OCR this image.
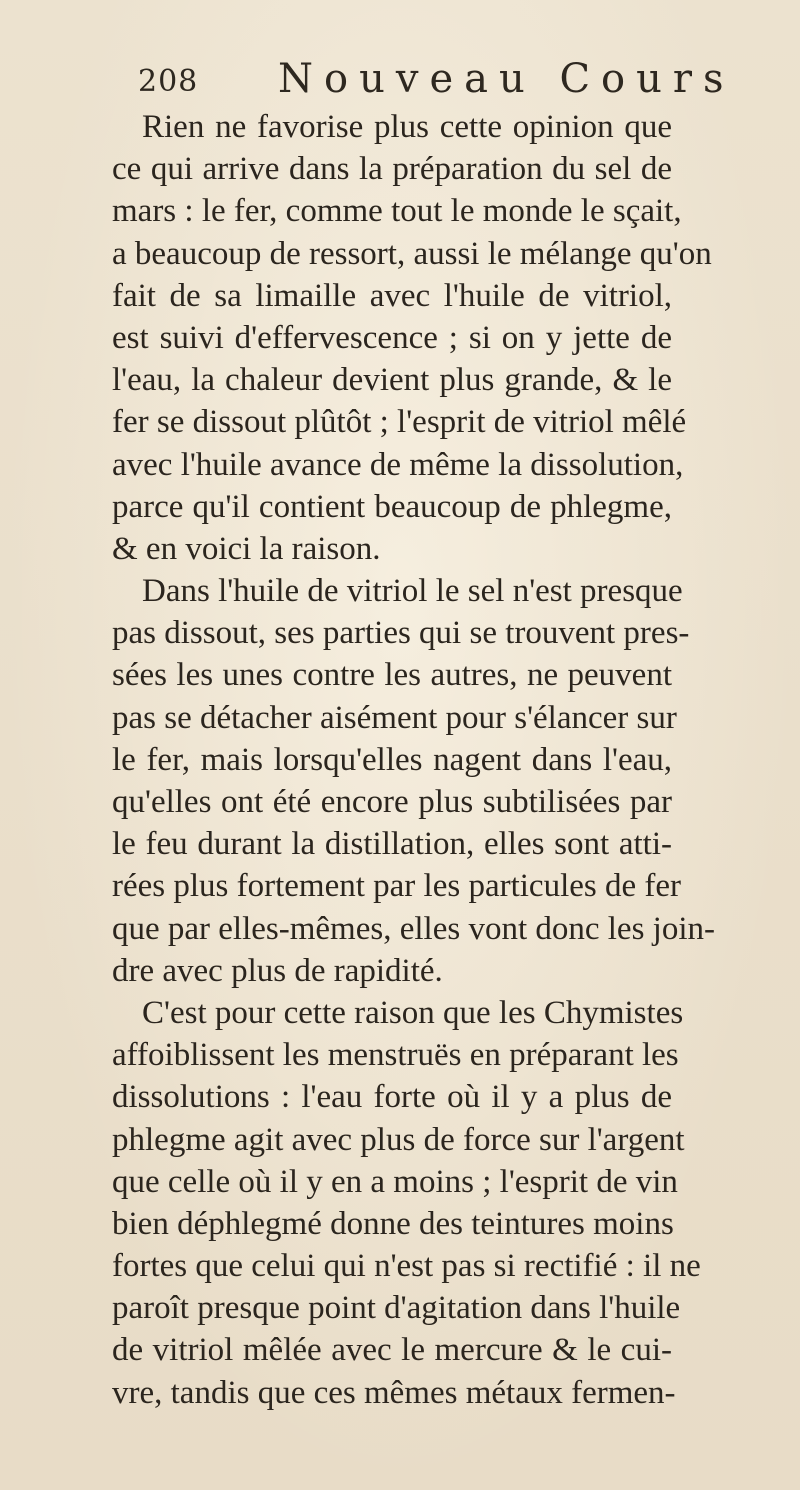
208 Nouveau Cours
Rien ne favorise plus cette opinion que
ce qui arrive dans la préparation du sel de
mars : le fer, comme tout le monde le sçait,
a beaucoup de ressort, aussi le mélange qu'on
fait de sa limaille avec l'huile de vitriol,
est suivi d'effervescence ; si on y jette de
l'eau, la chaleur devient plus grande, & le
fer se dissout plûtôt ; l'esprit de vitriol mêlé
avec l'huile avance de même la dissolution,
parce qu'il contient beaucoup de phlegme,
& en voici la raison.
Dans l'huile de vitriol le sel n'est presque
pas dissout, ses parties qui se trouvent pres-
sées les unes contre les autres, ne peuvent
pas se détacher aisément pour s'élancer sur
le fer, mais lorsqu'elles nagent dans l'eau,
qu'elles ont été encore plus subtilisées par
le feu durant la distillation, elles sont atti-
rées plus fortement par les particules de fer
que par elles-mêmes, elles vont donc les join-
dre avec plus de rapidité.
C'est pour cette raison que les Chymistes
affoiblissent les menstruës en préparant les
dissolutions : l'eau forte où il y a plus de
phlegme agit avec plus de force sur l'argent
que celle où il y en a moins ; l'esprit de vin
bien déphlegmé donne des teintures moins
fortes que celui qui n'est pas si rectifié : il ne
paroît presque point d'agitation dans l'huile
de vitriol mêlée avec le mercure & le cui-
vre, tandis que ces mêmes métaux fermen-
